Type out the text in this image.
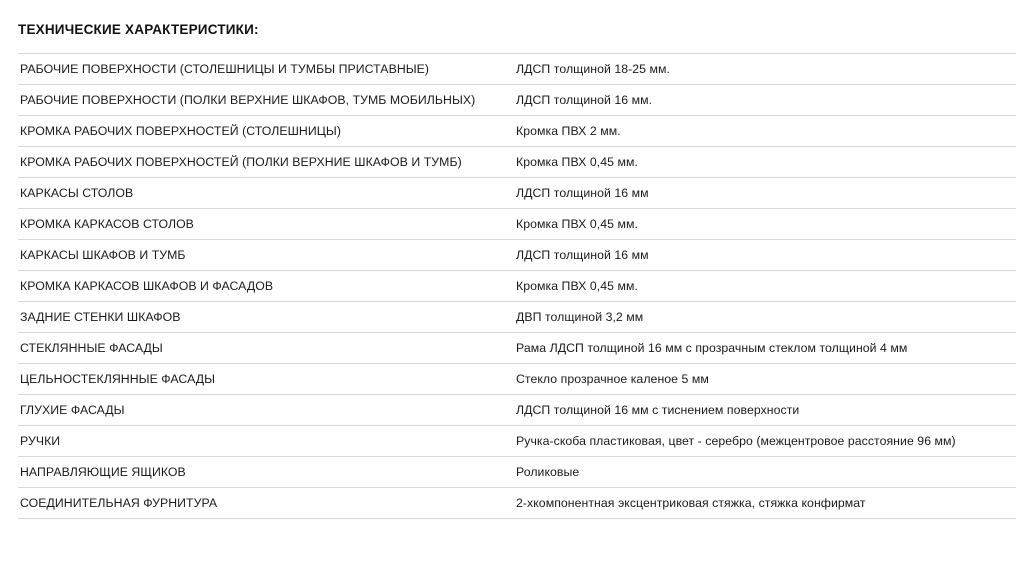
ТЕХНИЧЕСКИЕ ХАРАКТЕРИСТИКИ:
РАБОЧИЕ ПОВЕРХНОСТИ (СТОЛЕШНИЦЫ И ТУМБЫ ПРИСТАВНЫЕ)	ЛДСП толщиной 18-25 мм.
РАБОЧИЕ ПОВЕРХНОСТИ (ПОЛКИ ВЕРХНИЕ ШКАФОВ, ТУМБ МОБИЛЬНЫХ)	ЛДСП толщиной 16 мм.
КРОМКА РАБОЧИХ ПОВЕРХНОСТЕЙ (СТОЛЕШНИЦЫ)	Кромка ПВХ 2 мм.
КРОМКА РАБОЧИХ ПОВЕРХНОСТЕЙ (ПОЛКИ ВЕРХНИЕ ШКАФОВ И ТУМБ)	Кромка ПВХ 0,45 мм.
КАРКАСЫ СТОЛОВ	ЛДСП толщиной 16 мм
КРОМКА КАРКАСОВ СТОЛОВ	Кромка ПВХ 0,45 мм.
КАРКАСЫ ШКАФОВ И ТУМБ	ЛДСП толщиной 16 мм
КРОМКА КАРКАСОВ ШКАФОВ И ФАСАДОВ	Кромка ПВХ 0,45 мм.
ЗАДНИЕ СТЕНКИ ШКАФОВ	ДВП толщиной 3,2 мм
СТЕКЛЯННЫЕ ФАСАДЫ	Рама ЛДСП толщиной 16 мм с прозрачным стеклом толщиной 4 мм
ЦЕЛЬНОСТЕКЛЯННЫЕ ФАСАДЫ	Стекло прозрачное каленое 5 мм
ГЛУХИЕ ФАСАДЫ	ЛДСП толщиной 16 мм с тиснением поверхности
РУЧКИ	Ручка-скоба пластиковая, цвет - серебро (межцентровое расстояние 96 мм)
НАПРАВЛЯЮЩИЕ ЯЩИКОВ	Роликовые
СОЕДИНИТЕЛЬНАЯ ФУРНИТУРА	2-хкомпонентная эксцентриковая стяжка, стяжка конфирмат
